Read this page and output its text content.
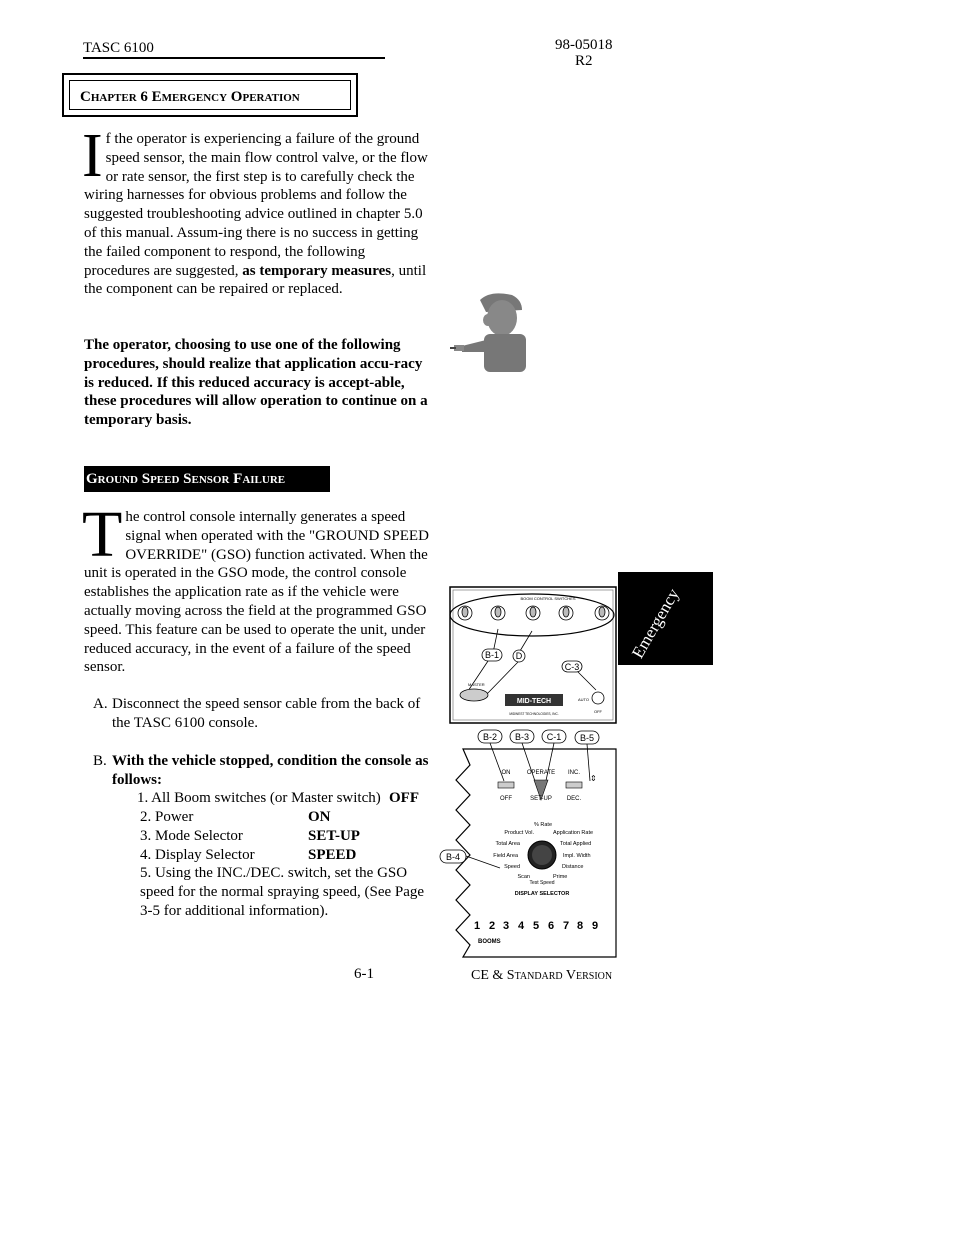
TASC 6100	98-05018
R2
Chapter 6 Emergency Operation
If the operator is experiencing a failure of the ground speed sensor, the main flow control valve, or the flow or rate sensor, the first step is to carefully check the wiring harnesses for obvious problems and follow the suggested troubleshooting advice outlined in chapter 5.0 of this manual. Assum-ing there is no success in getting the failed component to respond, the following procedures are suggested, as temporary measures, until the component can be repaired or replaced.
The operator, choosing to use one of the following procedures, should realize that application accu-racy is reduced. If this reduced accuracy is accept-able, these procedures will allow operation to continue on a temporary basis.
Ground Speed Sensor Failure
The control console internally generates a speed signal when operated with the "GROUND SPEED OVERRIDE" (GSO) function activated. When the unit is operated in the GSO mode, the control console establishes the application rate as if the vehicle were actually moving across the field at the programmed GSO speed. This feature can be used to operate the unit, under reduced accuracy, in the event of a failure of the speed sensor.
A. Disconnect the speed sensor cable from the back of the TASC 6100 console.
B. With the vehicle stopped, condition the console as follows:
1. All Boom switches (or Master switch) OFF
2. Power	ON
3. Mode Selector	SET-UP
4. Display Selector	SPEED
5. Using the INC./DEC. switch, set the GSO speed for the normal spraying speed, (See Page 3-5 for additional information).
Emergency
BOOM CONTROL SWITCHES
B-1 D
C-3
MASTER
MID-TECH
MIDWEST TECHNOLOGIES, INC.
AUTO
OFF
B-2 B-3 C-1 B-5
ON	OPERATE INC.
⇕
OFF	SET-UP DEC.
% Rate
Product Vol.
Total Area
Field Area
Speed
Scan
Application Rate
Total Applied
Impl. Width
Distance
Prime
Test Speed
DISPLAY SELECTOR
B-4
1 2 3 4 5 6 7 8 9
BOOMS
6-1	CE & Standard Version
